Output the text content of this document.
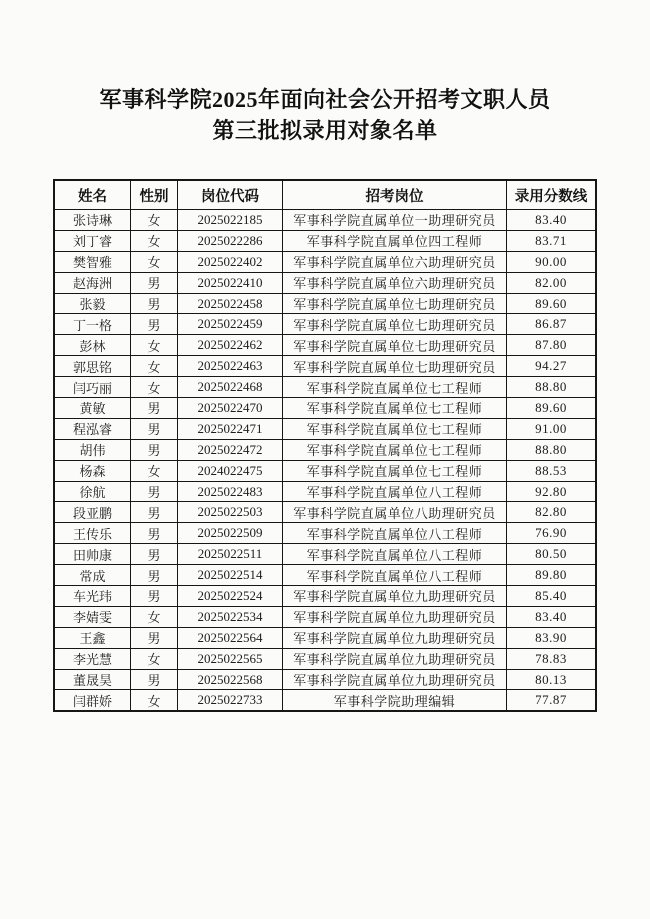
军事科学院2025年面向社会公开招考文职人员
第三批拟录用对象名单
姓名	性别	岗位代码	招考岗位	录用分数线
张诗琳	女	2025022185	军事科学院直属单位一助理研究员	83.40
刘丁睿	女	2025022286	军事科学院直属单位四工程师	83.71
樊智雅	女	2025022402	军事科学院直属单位六助理研究员	90.00
赵海洲	男	2025022410	军事科学院直属单位六助理研究员	82.00
张毅	男	2025022458	军事科学院直属单位七助理研究员	89.60
丁一格	男	2025022459	军事科学院直属单位七助理研究员	86.87
彭林	女	2025022462	军事科学院直属单位七助理研究员	87.80
郭思铭	女	2025022463	军事科学院直属单位七助理研究员	94.27
闫巧丽	女	2025022468	军事科学院直属单位七工程师	88.80
黄敏	男	2025022470	军事科学院直属单位七工程师	89.60
程泓睿	男	2025022471	军事科学院直属单位七工程师	91.00
胡伟	男	2025022472	军事科学院直属单位七工程师	88.80
杨森	女	2024022475	军事科学院直属单位七工程师	88.53
徐航	男	2025022483	军事科学院直属单位八工程师	92.80
段亚鹏	男	2025022503	军事科学院直属单位八助理研究员	82.80
王传乐	男	2025022509	军事科学院直属单位八工程师	76.90
田帅康	男	2025022511	军事科学院直属单位八工程师	80.50
常成	男	2025022514	军事科学院直属单位八工程师	89.80
车光玮	男	2025022524	军事科学院直属单位九助理研究员	85.40
李婧雯	女	2025022534	军事科学院直属单位九助理研究员	83.40
王鑫	男	2025022564	军事科学院直属单位九助理研究员	83.90
李光慧	女	2025022565	军事科学院直属单位九助理研究员	78.83
董晟昊	男	2025022568	军事科学院直属单位九助理研究员	80.13
闫群娇	女	2025022733	军事科学院助理编辑	77.87
